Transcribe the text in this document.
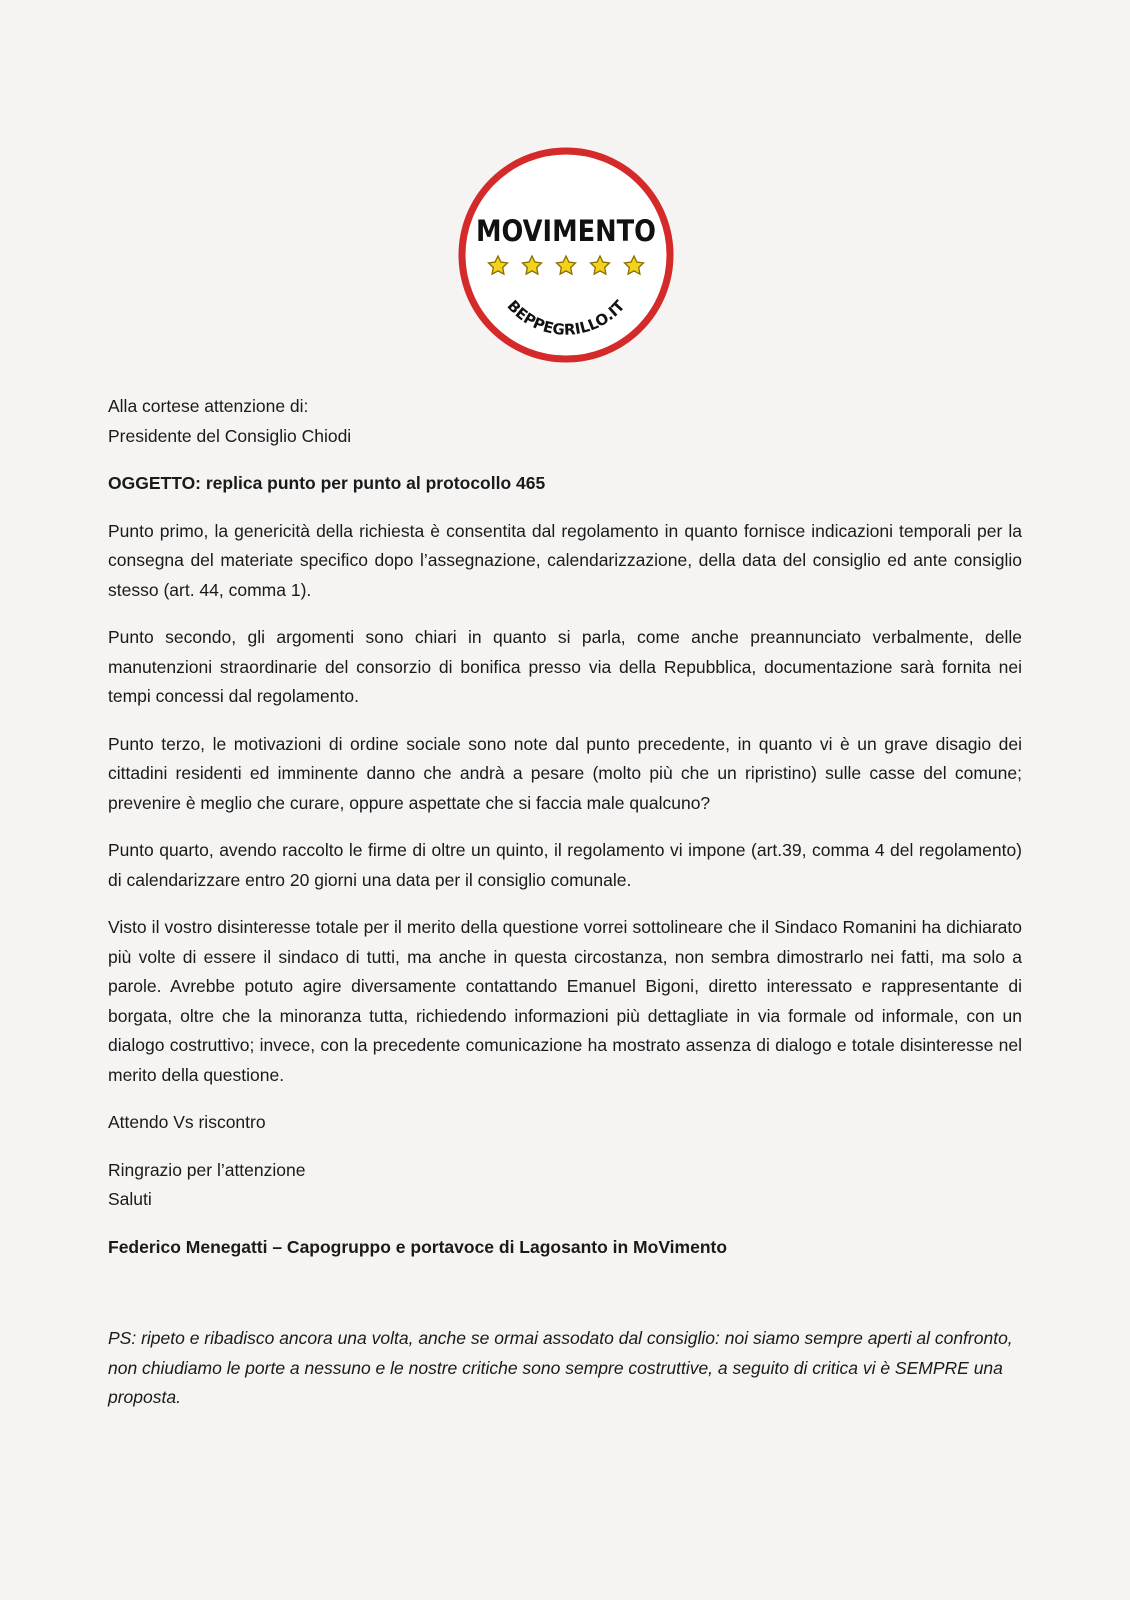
MOVIMENTO
BEPPEGRILLO.IT

Alla cortese attenzione di:

Presidente del Consiglio Chiodi

OGGETTO: replica punto per punto al protocollo 465

Punto primo, la genericità della richiesta è consentita dal regolamento in quanto fornisce indicazioni temporali per la consegna del materiate specifico dopo l’assegnazione, calendarizzazione, della data del consiglio ed ante consiglio stesso (art. 44, comma 1).

Punto secondo, gli argomenti sono chiari in quanto si parla, come anche preannunciato verbalmente, delle manutenzioni straordinarie del consorzio di bonifica presso via della Repubblica, documentazione sarà fornita nei tempi concessi dal regolamento.

Punto terzo, le motivazioni di ordine sociale sono note dal punto precedente, in quanto vi è un grave disagio dei cittadini residenti ed imminente danno che andrà a pesare (molto più che un ripristino) sulle casse del comune; prevenire è meglio che curare, oppure aspettate che si faccia male qualcuno?

Punto quarto, avendo raccolto le firme di oltre un quinto, il regolamento vi impone (art.39, comma 4 del regolamento) di calendarizzare entro 20 giorni una data per il consiglio comunale.

Visto il vostro disinteresse totale per il merito della questione vorrei sottolineare che il Sindaco Romanini ha dichiarato più volte di essere il sindaco di tutti, ma anche in questa circostanza, non sembra dimostrarlo nei fatti, ma solo a parole. Avrebbe potuto agire diversamente contattando Emanuel Bigoni, diretto interessato e rappresentante di borgata, oltre che la minoranza tutta, richiedendo informazioni più dettagliate in via formale od informale, con un dialogo costruttivo; invece, con la precedente comunicazione ha mostrato assenza di dialogo e totale disinteresse nel merito della questione.

Attendo Vs riscontro

Ringrazio per l’attenzione

Saluti

Federico Menegatti – Capogruppo e portavoce di Lagosanto in MoVimento

PS: ripeto e ribadisco ancora una volta, anche se ormai assodato dal consiglio: noi siamo sempre aperti al confronto, non chiudiamo le porte a nessuno e le nostre critiche sono sempre costruttive, a seguito di critica vi è SEMPRE una proposta.
